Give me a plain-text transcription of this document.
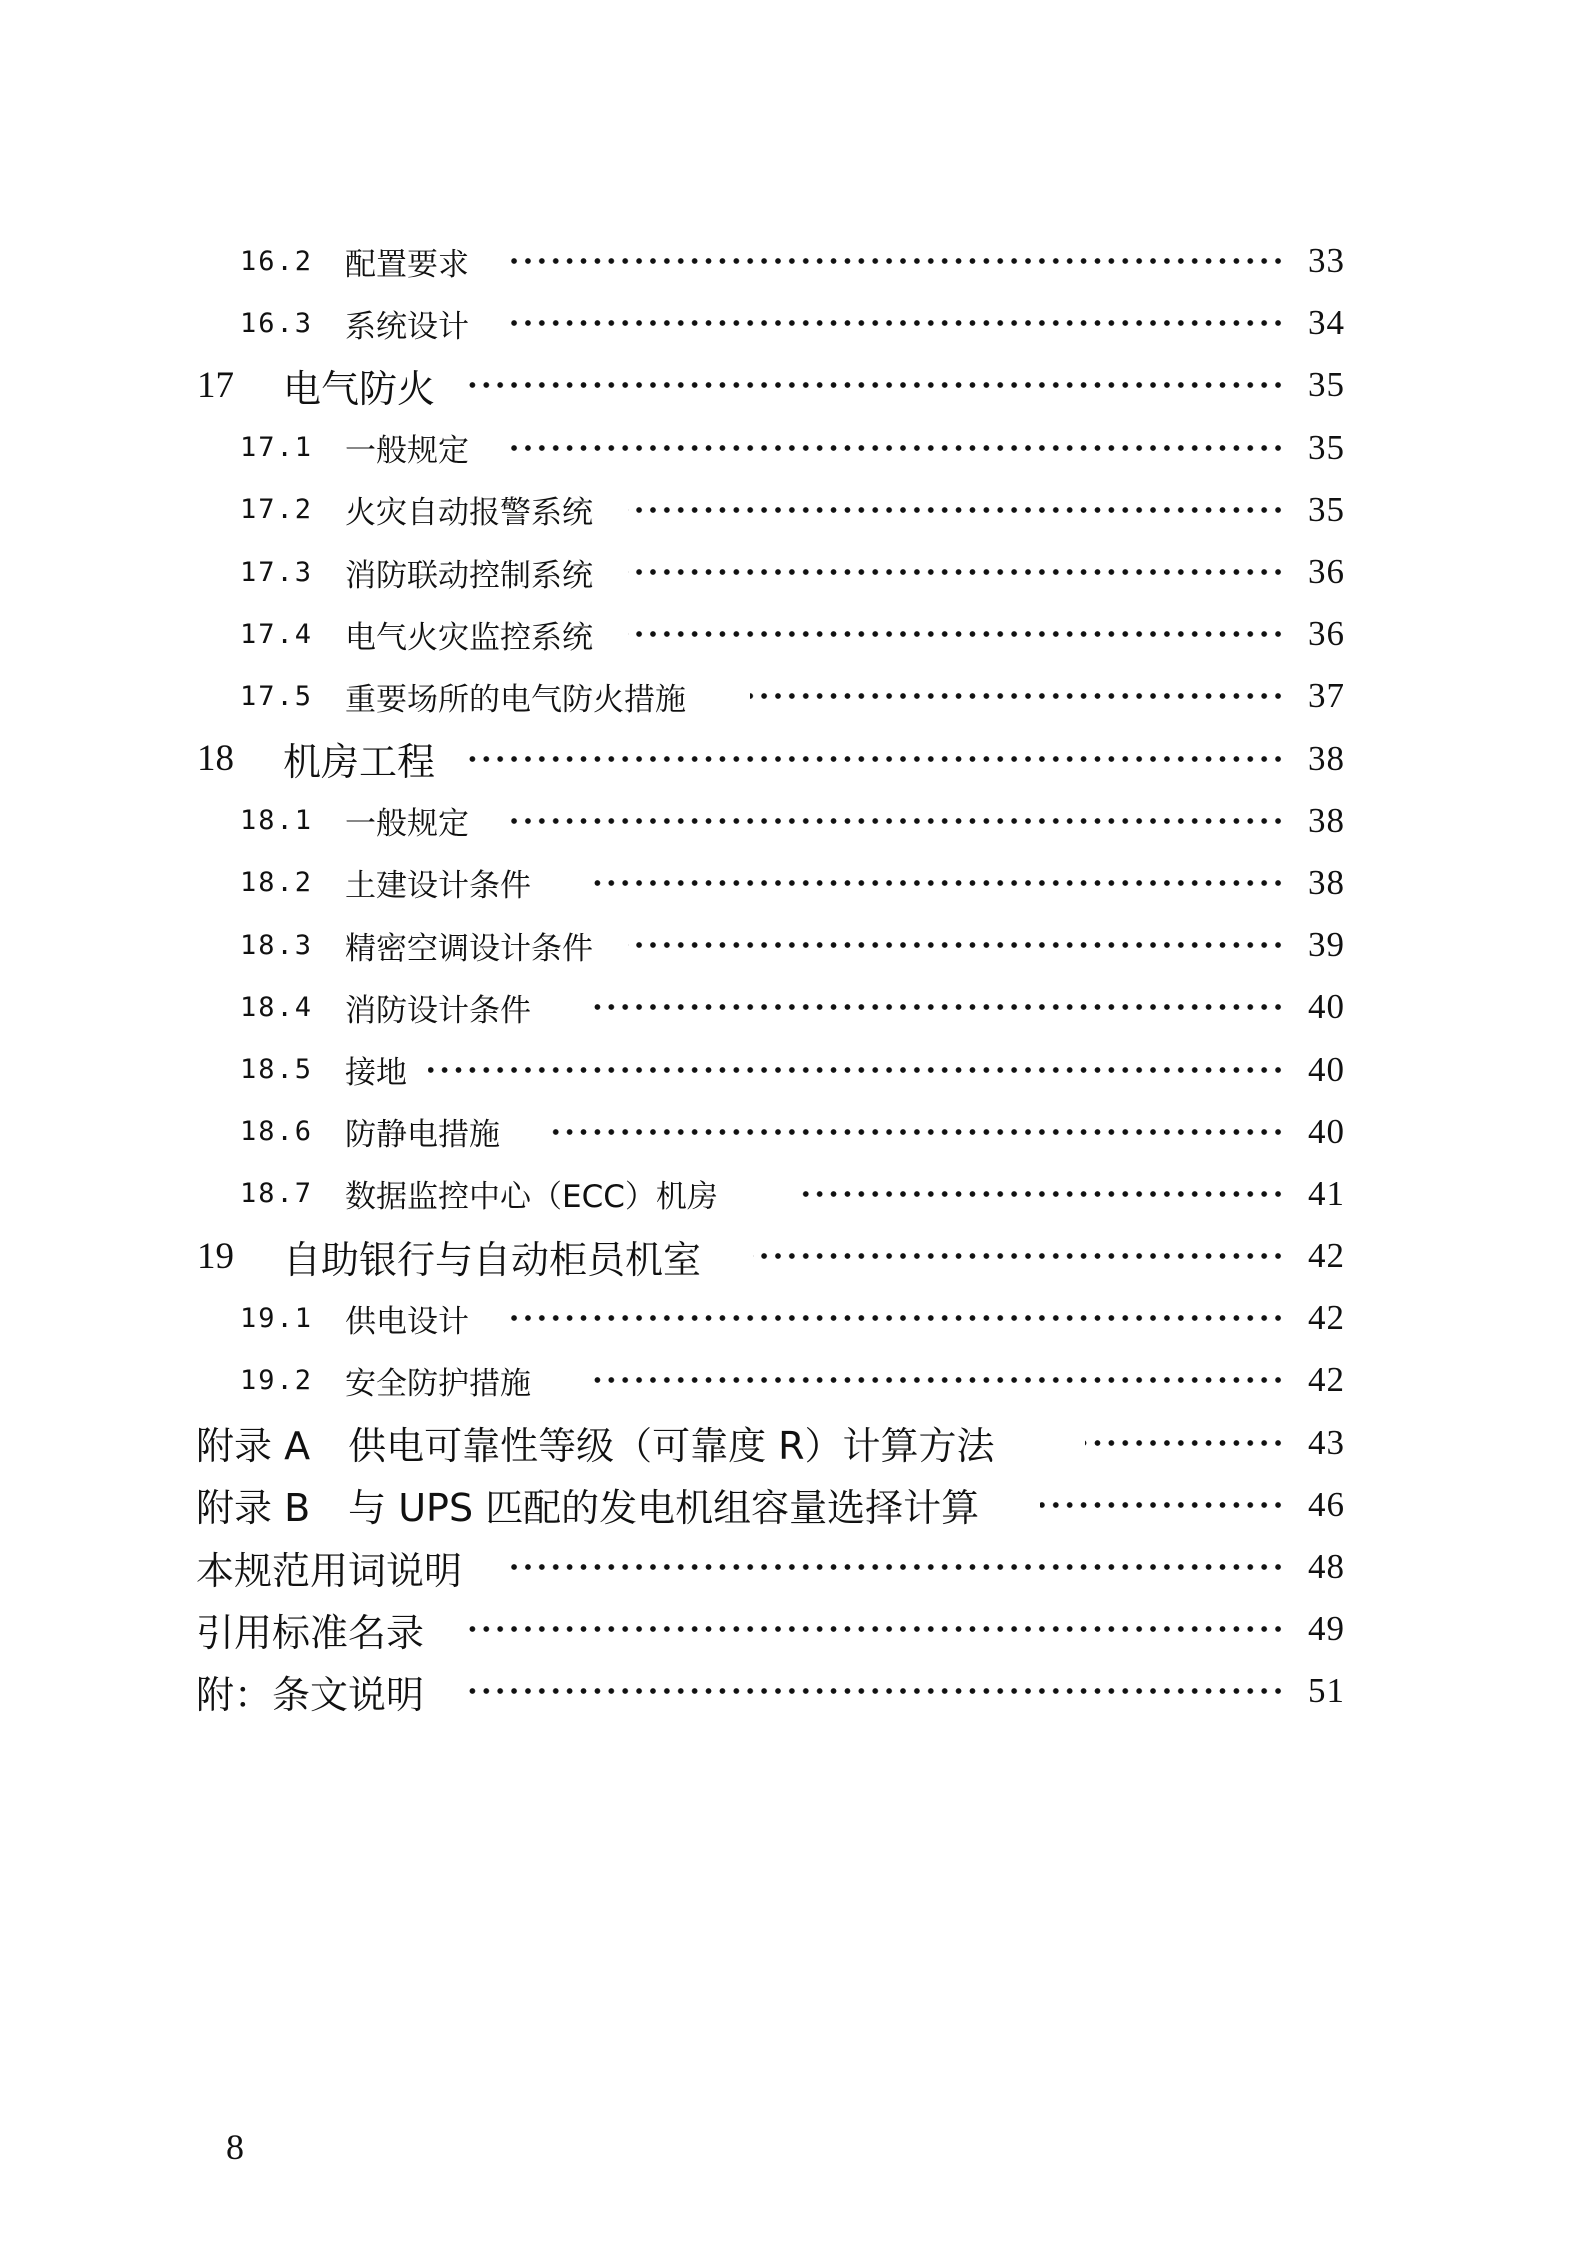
16.2 配置要求	33
16.3 系统设计	34
17 电气防火	35
17.1 一般规定	35
17.2 火灾自动报警系统	35
17.3 消防联动控制系统	36
17.4 电气火灾监控系统	36
17.5 重要场所的电气防火措施	37
18 机房工程	38
18.1 一般规定	38
18.2 土建设计条件	38
18.3 精密空调设计条件	39
18.4 消防设计条件	40
18.5 接地	40
18.6 防静电措施	40
18.7 数据监控中心（ECC）机房	41
19 自助银行与自动柜员机室	42
19.1 供电设计	42
19.2 安全防护措施	42
附录 A　供电可靠性等级（可靠度 R）计算方法	43
附录 B　与 UPS 匹配的发电机组容量选择计算	46
本规范用词说明	48
引用标准名录	49
附：条文说明	51
8
